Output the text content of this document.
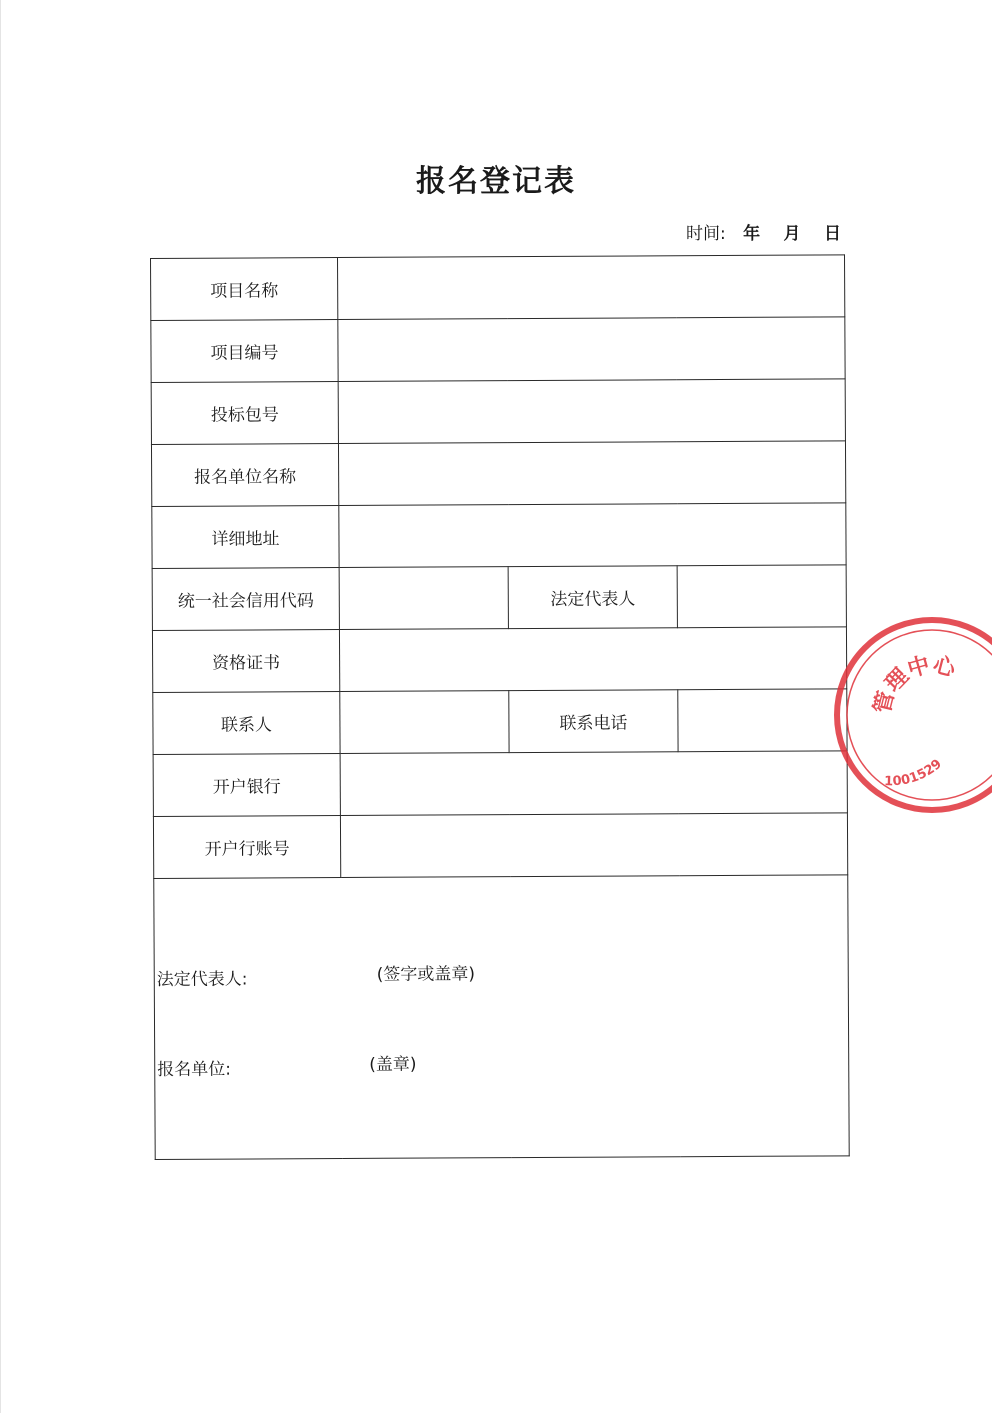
报名登记表
时间: 年 月 日
项目名称			
项目编号			
投标包号			
报名单位名称			
详细地址			
统一社会信用代码		法定代表人	
资格证书			
联系人		联系电话	
开户银行			
开户行账号			

法定代表人: (签字或盖章)
报名单位: (盖章)			
管理中心
1001529
